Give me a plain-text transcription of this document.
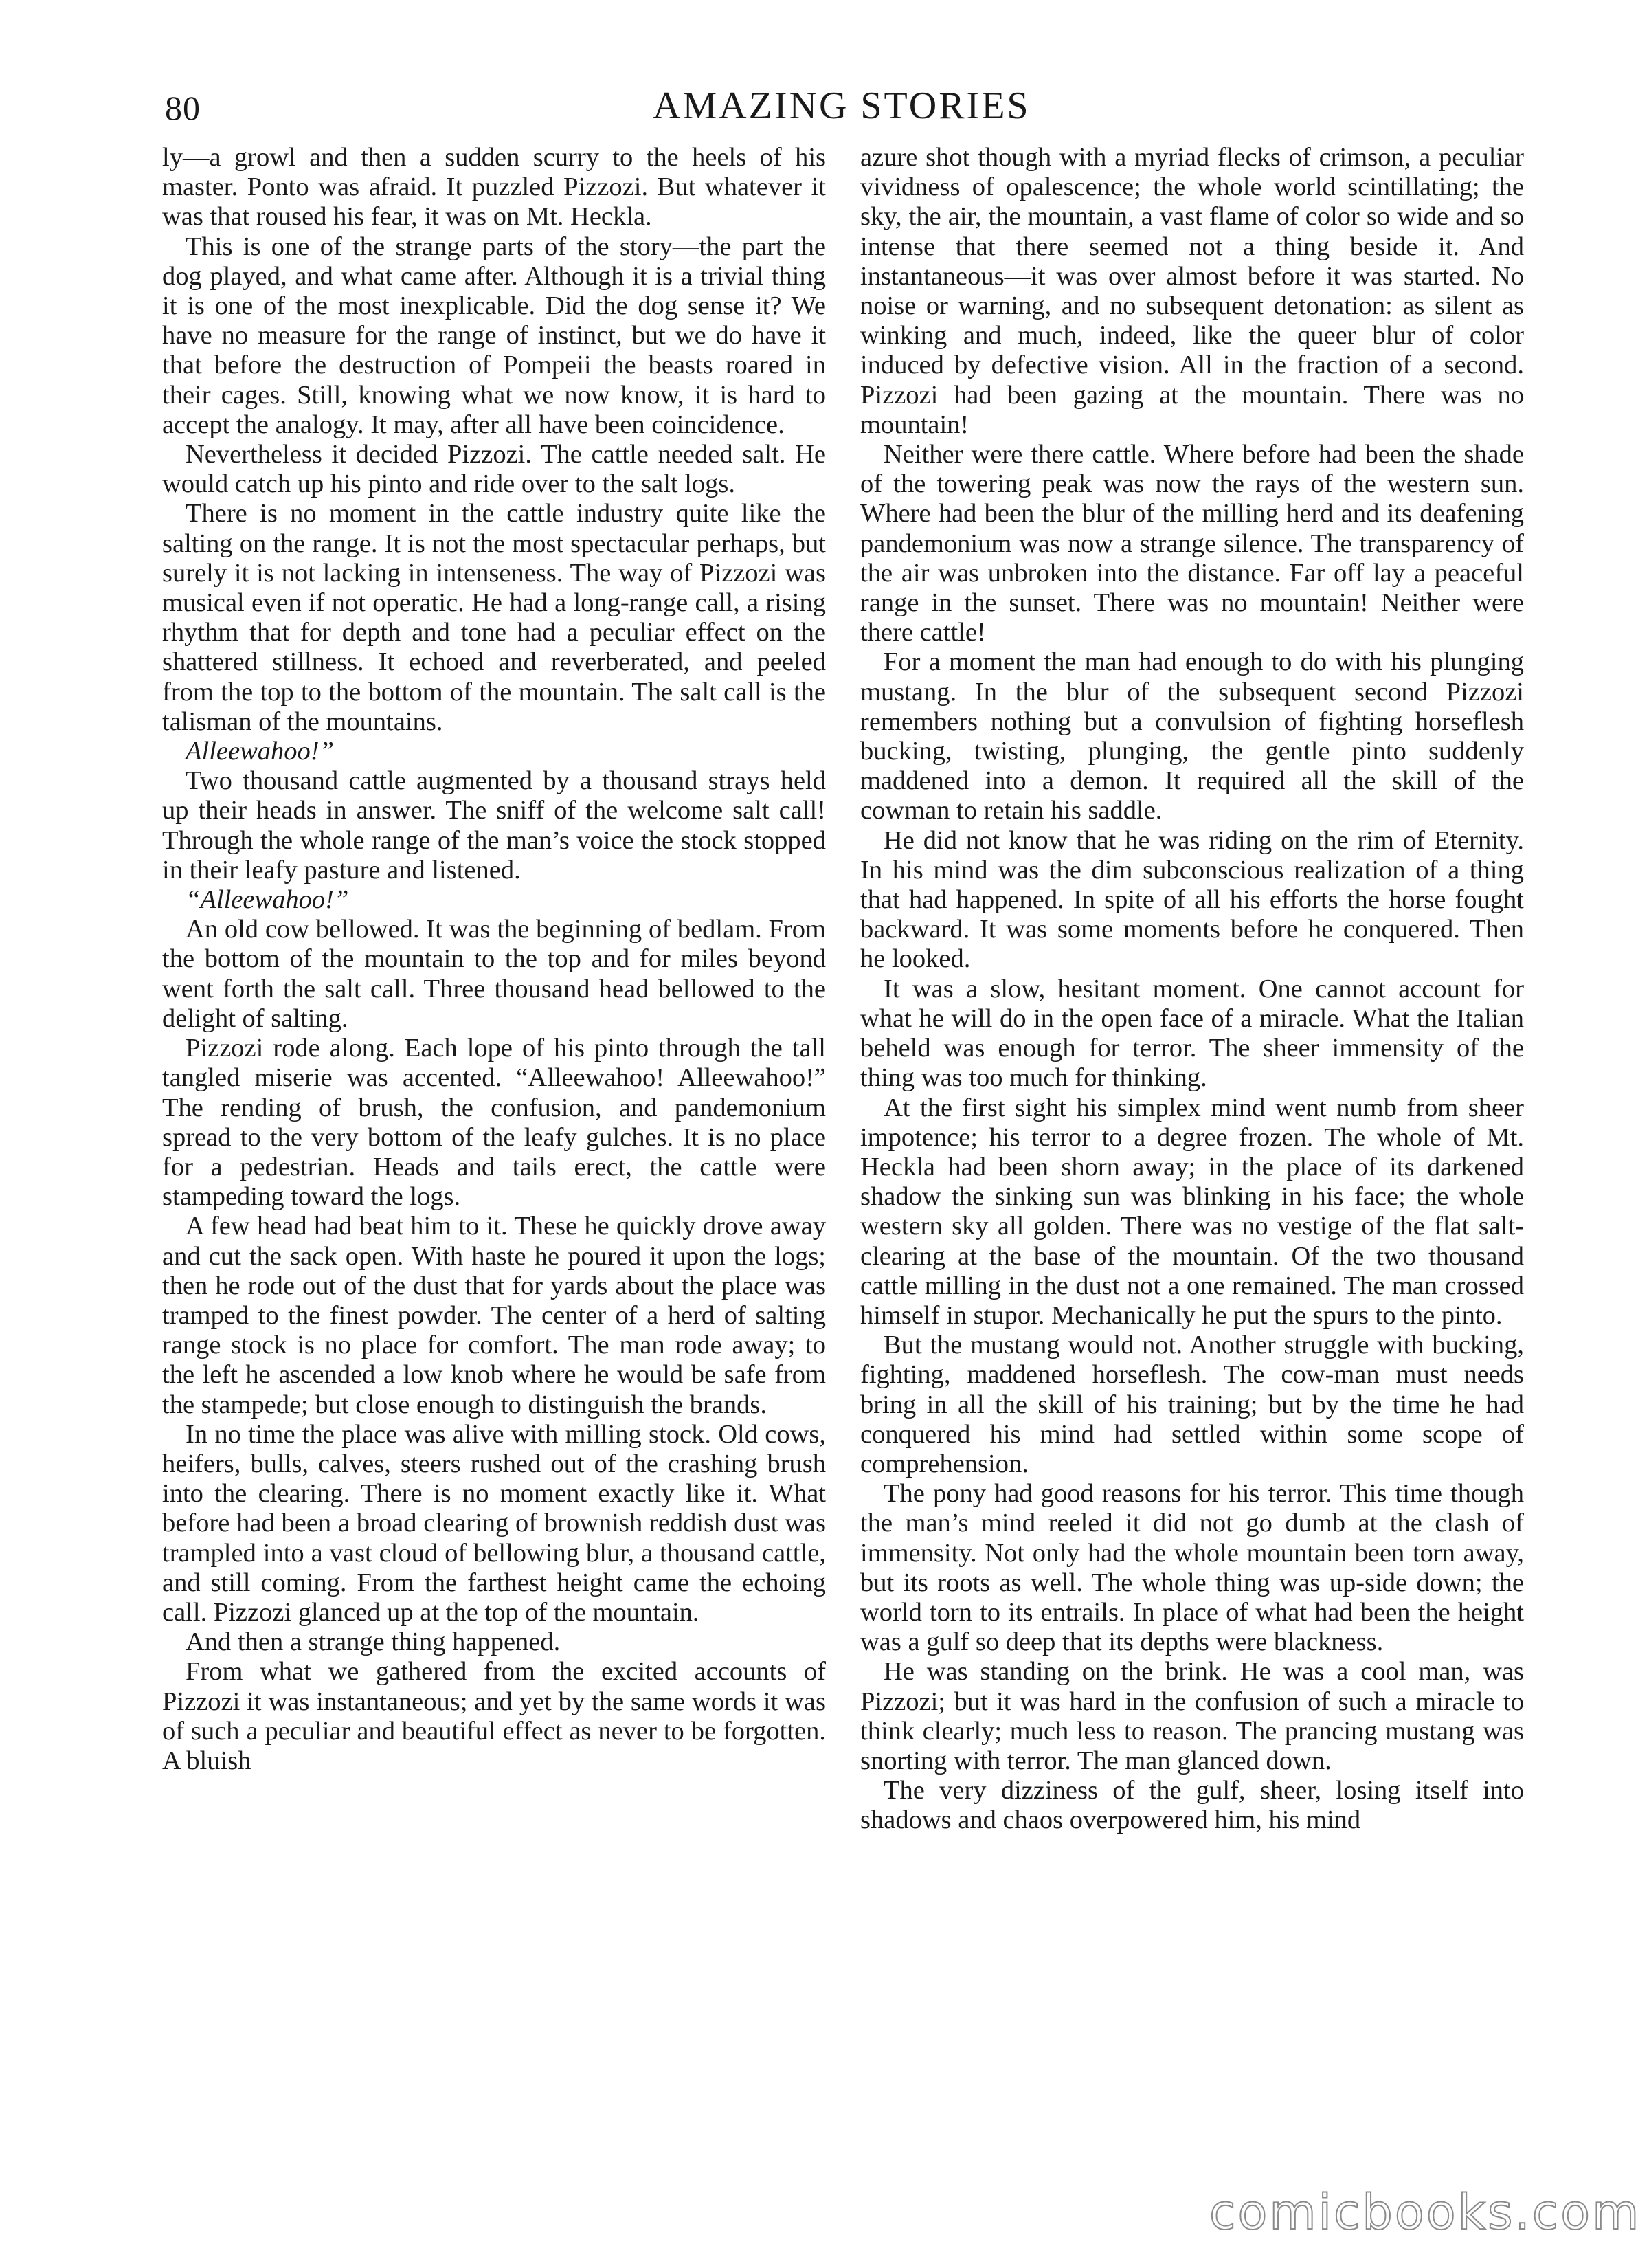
80	AMAZING STORIES

ly—a growl and then a sudden scurry to the heels of his master. Ponto was afraid. It puzzled Pizzozi. But whatever it was that roused his fear, it was on Mt. Heckla.

This is one of the strange parts of the story—the part the dog played, and what came after. Although it is a trivial thing it is one of the most inexplicable. Did the dog sense it? We have no measure for the range of instinct, but we do have it that before the destruction of Pompeii the beasts roared in their cages. Still, knowing what we now know, it is hard to accept the analogy. It may, after all have been coincidence.

Nevertheless it decided Pizzozi. The cattle needed salt. He would catch up his pinto and ride over to the salt logs.

There is no moment in the cattle industry quite like the salting on the range. It is not the most spectacular perhaps, but surely it is not lacking in intenseness. The way of Pizzozi was musical even if not operatic. He had a long-range call, a rising rhythm that for depth and tone had a peculiar effect on the shattered stillness. It echoed and reverberated, and peeled from the top to the bottom of the mountain. The salt call is the talisman of the mountains.

Alleewahoo!”

Two thousand cattle augmented by a thousand strays held up their heads in answer. The sniff of the welcome salt call! Through the whole range of the man’s voice the stock stopped in their leafy pasture and listened.

“Alleewahoo!”

An old cow bellowed. It was the beginning of bedlam. From the bottom of the mountain to the top and for miles beyond went forth the salt call. Three thousand head bellowed to the delight of salting.

Pizzozi rode along. Each lope of his pinto through the tall tangled miserie was accented. “Alleewahoo! Alleewahoo!” The rending of brush, the confusion, and pandemonium spread to the very bottom of the leafy gulches. It is no place for a pedestrian. Heads and tails erect, the cattle were stampeding toward the logs.

A few head had beat him to it. These he quickly drove away and cut the sack open. With haste he poured it upon the logs; then he rode out of the dust that for yards about the place was tramped to the finest powder. The center of a herd of salting range stock is no place for comfort. The man rode away; to the left he ascended a low knob where he would be safe from the stampede; but close enough to distinguish the brands.

In no time the place was alive with milling stock. Old cows, heifers, bulls, calves, steers rushed out of the crashing brush into the clearing. There is no moment exactly like it. What before had been a broad clearing of brownish reddish dust was trampled into a vast cloud of bellowing blur, a thousand cattle, and still coming. From the farthest height came the echoing call. Pizzozi glanced up at the top of the mountain.

And then a strange thing happened.

From what we gathered from the excited accounts of Pizzozi it was instantaneous; and yet by the same words it was of such a peculiar and beautiful effect as never to be forgotten. A bluish

azure shot though with a myriad flecks of crimson, a peculiar vividness of opalescence; the whole world scintillating; the sky, the air, the mountain, a vast flame of color so wide and so intense that there seemed not a thing beside it. And instantaneous—it was over almost before it was started. No noise or warning, and no subsequent detonation: as silent as winking and much, indeed, like the queer blur of color induced by defective vision. All in the fraction of a second. Pizzozi had been gazing at the mountain. There was no mountain!

Neither were there cattle. Where before had been the shade of the towering peak was now the rays of the western sun. Where had been the blur of the milling herd and its deafening pandemonium was now a strange silence. The transparency of the air was unbroken into the distance. Far off lay a peaceful range in the sunset. There was no mountain! Neither were there cattle!

For a moment the man had enough to do with his plunging mustang. In the blur of the subsequent second Pizzozi remembers nothing but a convulsion of fighting horseflesh bucking, twisting, plunging, the gentle pinto suddenly maddened into a demon. It required all the skill of the cowman to retain his saddle.

He did not know that he was riding on the rim of Eternity. In his mind was the dim subconscious realization of a thing that had happened. In spite of all his efforts the horse fought backward. It was some moments before he conquered. Then he looked.

It was a slow, hesitant moment. One cannot account for what he will do in the open face of a miracle. What the Italian beheld was enough for terror. The sheer immensity of the thing was too much for thinking.

At the first sight his simplex mind went numb from sheer impotence; his terror to a degree frozen. The whole of Mt. Heckla had been shorn away; in the place of its darkened shadow the sinking sun was blinking in his face; the whole western sky all golden. There was no vestige of the flat salt-clearing at the base of the mountain. Of the two thousand cattle milling in the dust not a one remained. The man crossed himself in stupor. Mechanically he put the spurs to the pinto.

But the mustang would not. Another struggle with bucking, fighting, maddened horseflesh. The cow-man must needs bring in all the skill of his training; but by the time he had conquered his mind had settled within some scope of comprehension.

The pony had good reasons for his terror. This time though the man’s mind reeled it did not go dumb at the clash of immensity. Not only had the whole mountain been torn away, but its roots as well. The whole thing was up-side down; the world torn to its entrails. In place of what had been the height was a gulf so deep that its depths were blackness.

He was standing on the brink. He was a cool man, was Pizzozi; but it was hard in the confusion of such a miracle to think clearly; much less to reason. The prancing mustang was snorting with terror. The man glanced down.

The very dizziness of the gulf, sheer, losing itself into shadows and chaos overpowered him, his mind

comicbooks.com
